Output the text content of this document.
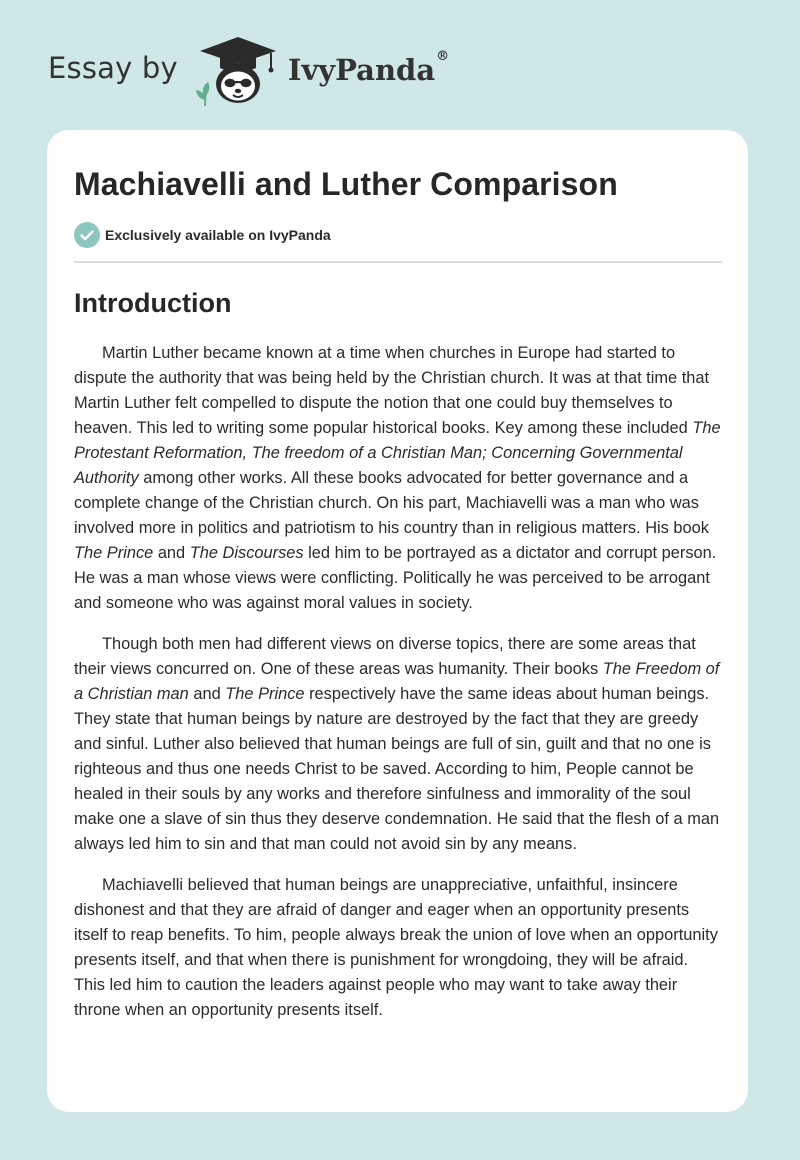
Essay by	IvyPanda®
Machiavelli and Luther Comparison
Exclusively available on IvyPanda
Introduction

Martin Luther became known at a time when churches in Europe had started to dispute the authority that was being held by the Christian church. It was at that time that Martin Luther felt compelled to dispute the notion that one could buy themselves to heaven. This led to writing some popular historical books. Key among these included The Protestant Reformation, The freedom of a Christian Man; Concerning Governmental Authority among other works. All these books advocated for better governance and a complete change of the Christian church. On his part, Machiavelli was a man who was involved more in politics and patriotism to his country than in religious matters. His book The Prince and The Discourses led him to be portrayed as a dictator and corrupt person. He was a man whose views were conflicting. Politically he was perceived to be arrogant and someone who was against moral values in society.

Though both men had different views on diverse topics, there are some areas that their views concurred on. One of these areas was humanity. Their books The Freedom of a Christian man and The Prince respectively have the same ideas about human beings. They state that human beings by nature are destroyed by the fact that they are greedy and sinful. Luther also believed that human beings are full of sin, guilt and that no one is righteous and thus one needs Christ to be saved. According to him, People cannot be healed in their souls by any works and therefore sinfulness and immorality of the soul make one a slave of sin thus they deserve condemnation. He said that the flesh of a man always led him to sin and that man could not avoid sin by any means.

Machiavelli believed that human beings are unappreciative, unfaithful, insincere dishonest and that they are afraid of danger and eager when an opportunity presents itself to reap benefits. To him, people always break the union of love when an opportunity presents itself, and that when there is punishment for wrongdoing, they will be afraid. This led him to caution the leaders against people who may want to take away their throne when an opportunity presents itself.
